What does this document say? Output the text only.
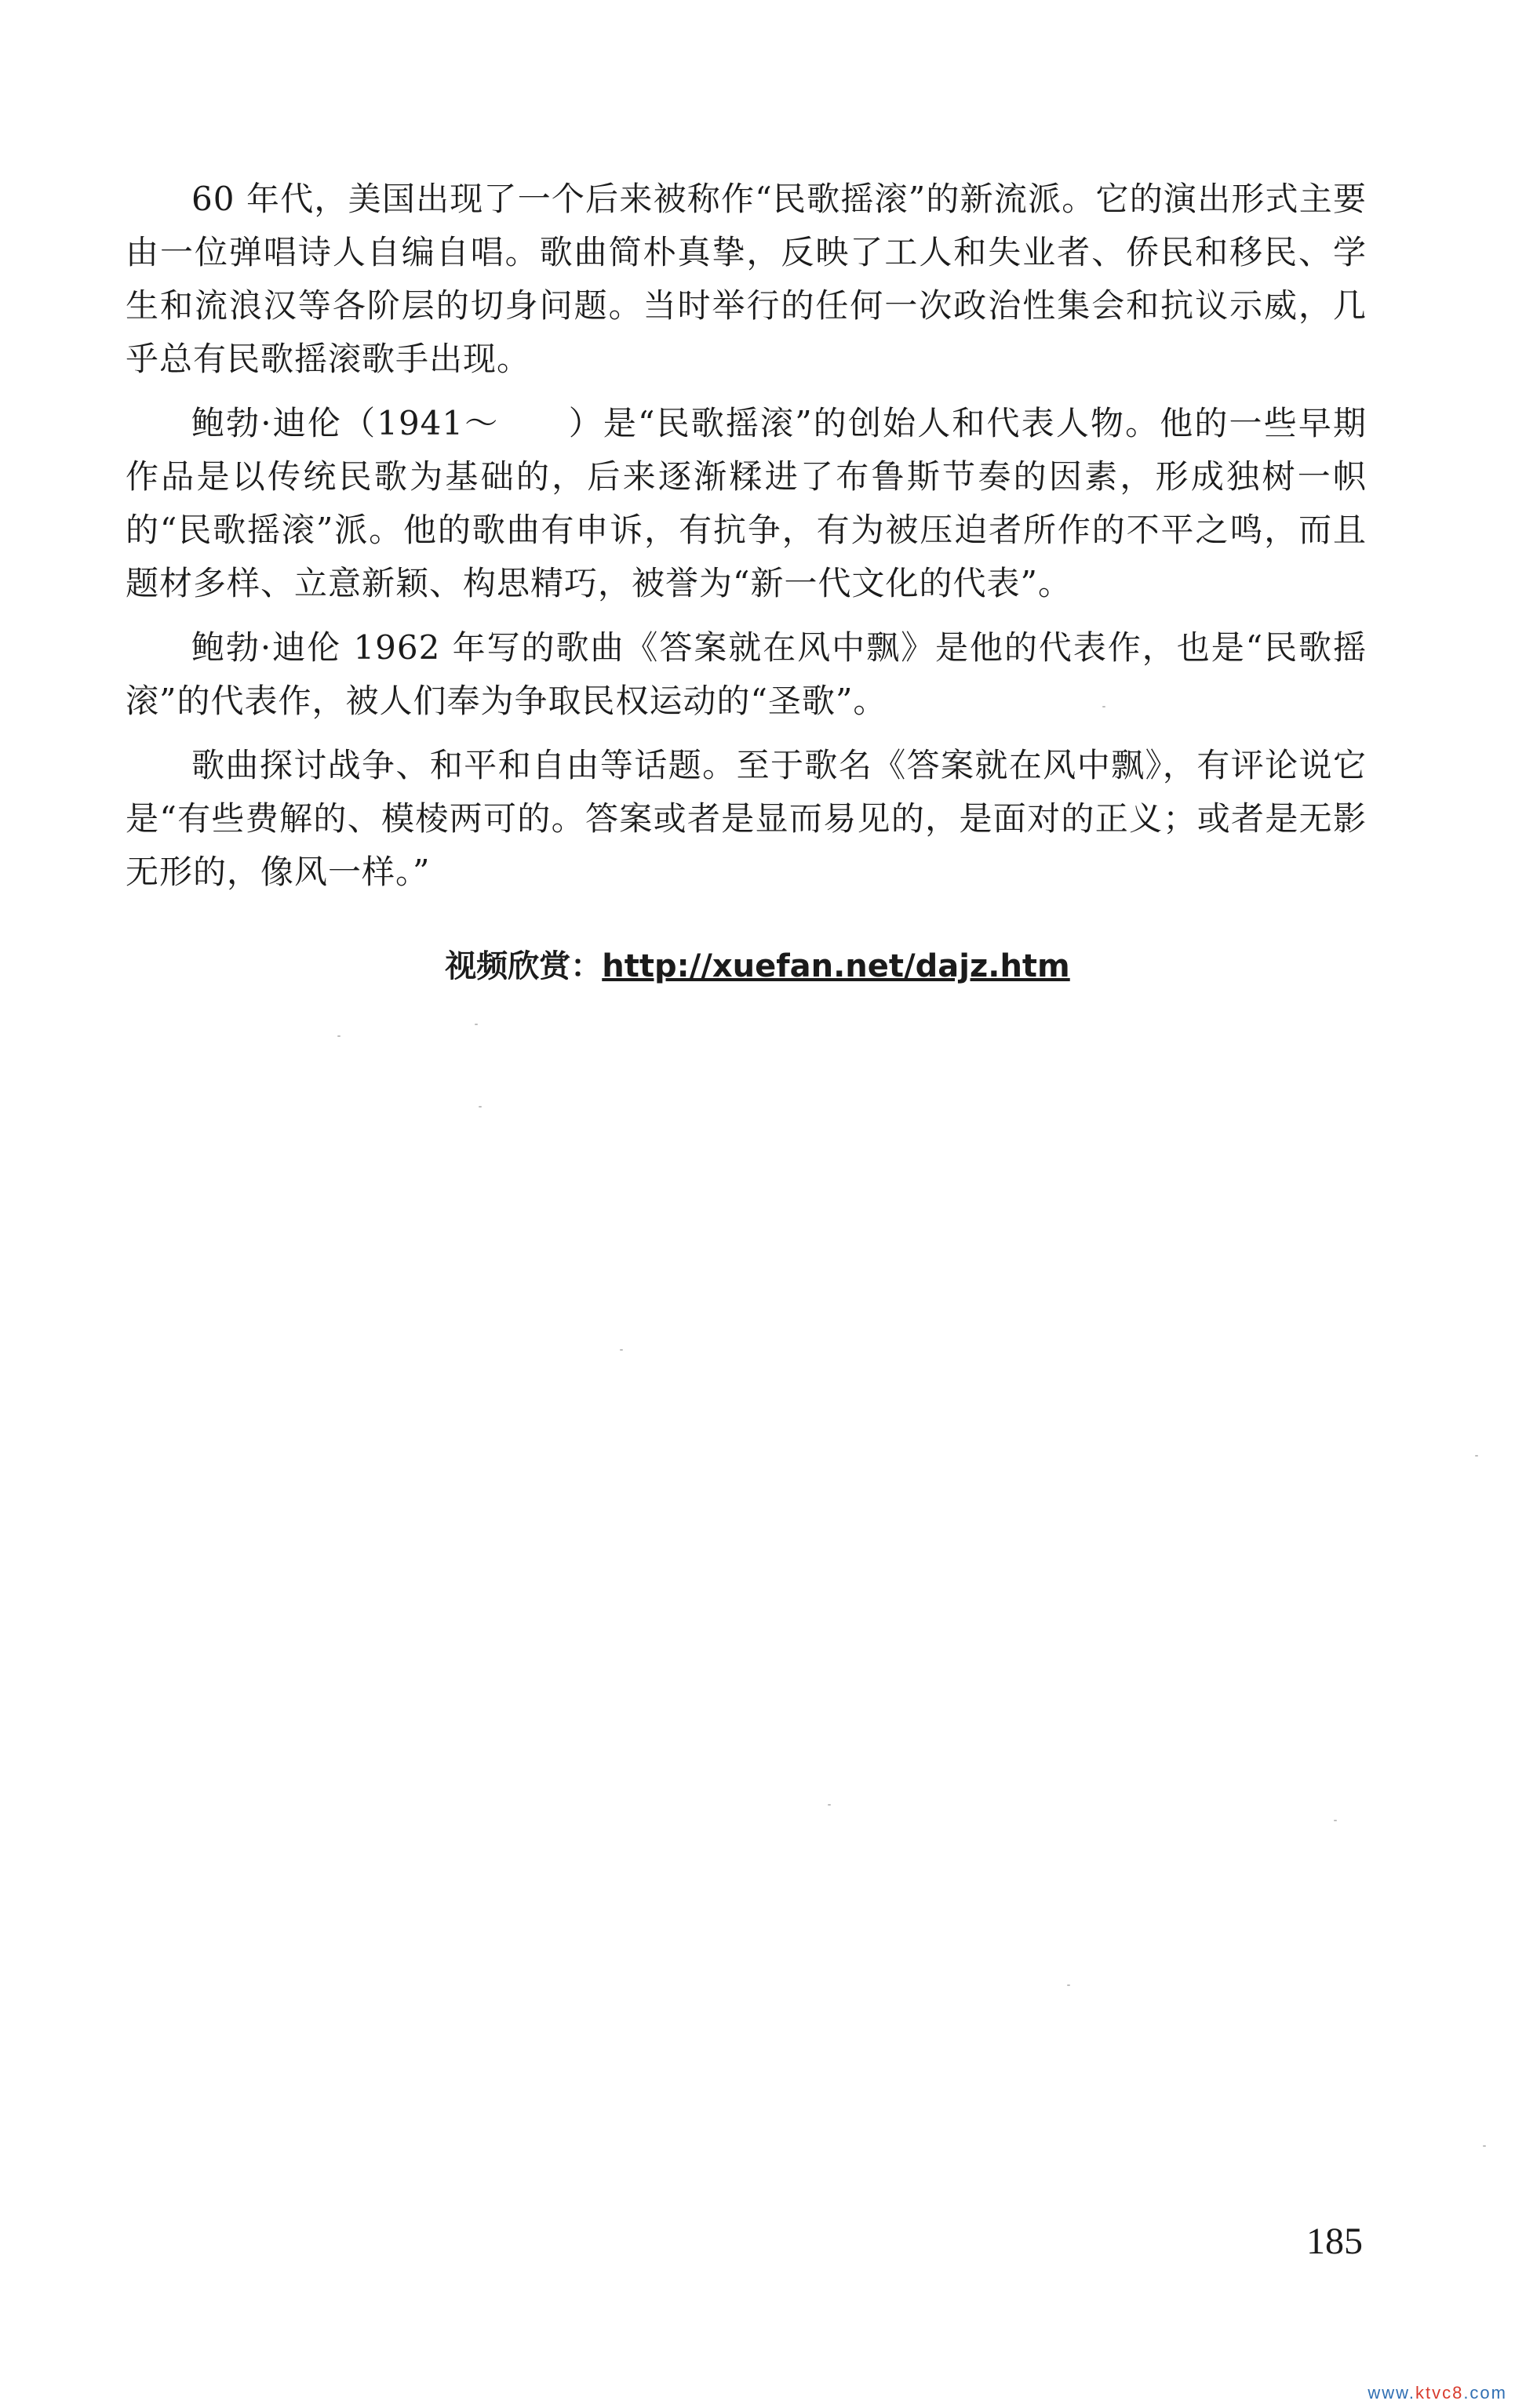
60 年代，美国出现了一个后来被称作“民歌摇滚”的新流派。它的演出形式主要由一位弹唱诗人自编自唱。歌曲简朴真挚，反映了工人和失业者、侨民和移民、学生和流浪汉等各阶层的切身问题。当时举行的任何一次政治性集会和抗议示威，几乎总有民歌摇滚歌手出现。

鲍勃·迪伦（1941～　　）是“民歌摇滚”的创始人和代表人物。他的一些早期作品是以传统民歌为基础的，后来逐渐糅进了布鲁斯节奏的因素，形成独树一帜的“民歌摇滚”派。他的歌曲有申诉，有抗争，有为被压迫者所作的不平之鸣，而且题材多样、立意新颖、构思精巧，被誉为“新一代文化的代表”。

鲍勃·迪伦 1962 年写的歌曲《答案就在风中飘》是他的代表作，也是“民歌摇滚”的代表作，被人们奉为争取民权运动的“圣歌”。

歌曲探讨战争、和平和自由等话题。至于歌名《答案就在风中飘》，有评论说它是“有些费解的、模棱两可的。答案或者是显而易见的，是面对的正义；或者是无影无形的，像风一样。”

视频欣赏：http://xuefan.net/dajz.htm
185
www.ktvc8.com
